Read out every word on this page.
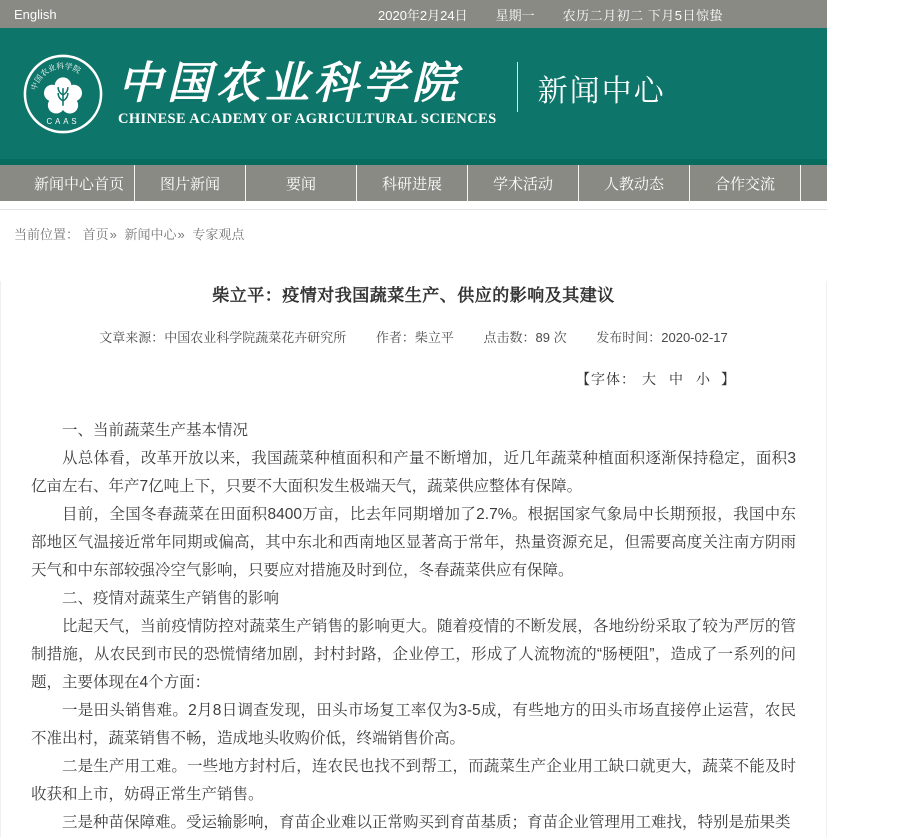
English	2020年2月24日 星期一 农历二月初二 下月5日惊蛰
中国农业科学院
CAAS
中国农业科学院
CHINESE ACADEMY OF AGRICULTURAL SCIENCES
新闻中心
新闻中心首页	图片新闻	要闻	科研进展	学术活动	人教动态	合作交流	党建文化
当前位置： 首页» 新闻中心» 专家观点
柴立平：疫情对我国蔬菜生产、供应的影响及其建议
文章来源：中国农业科学院蔬菜花卉研究所 作者：柴立平 点击数：89 次 发布时间：2020-02-17
【字体： 大 中 小 】

一、当前蔬菜生产基本情况

从总体看，改革开放以来，我国蔬菜种植面积和产量不断增加，近几年蔬菜种植面积逐渐保持稳定，面积3亿亩左右、年产7亿吨上下，只要不大面积发生极端天气，蔬菜供应整体有保障。

目前，全国冬春蔬菜在田面积8400万亩，比去年同期增加了2.7%。根据国家气象局中长期预报，我国中东部地区气温接近常年同期或偏高，其中东北和西南地区显著高于常年，热量资源充足，但需要高度关注南方阴雨天气和中东部较强冷空气影响，只要应对措施及时到位，冬春蔬菜供应有保障。

二、疫情对蔬菜生产销售的影响

比起天气，当前疫情防控对蔬菜生产销售的影响更大。随着疫情的不断发展，各地纷纷采取了较为严厉的管制措施，从农民到市民的恐慌情绪加剧，封村封路，企业停工，形成了人流物流的“肠梗阻”，造成了一系列的问题，主要体现在4个方面：

一是田头销售难。2月8日调查发现，田头市场复工率仅为3-5成，有些地方的田头市场直接停止运营，农民不准出村，蔬菜销售不畅，造成地头收购价低，终端销售价高。

二是生产用工难。一些地方封村后，连农民也找不到帮工，而蔬菜生产企业用工缺口就更大，蔬菜不能及时收获和上市，妨碍正常生产销售。

三是种苗保障难。受运输影响，育苗企业难以正常购买到育苗基质；育苗企业管理用工难找，特别是茄果类
